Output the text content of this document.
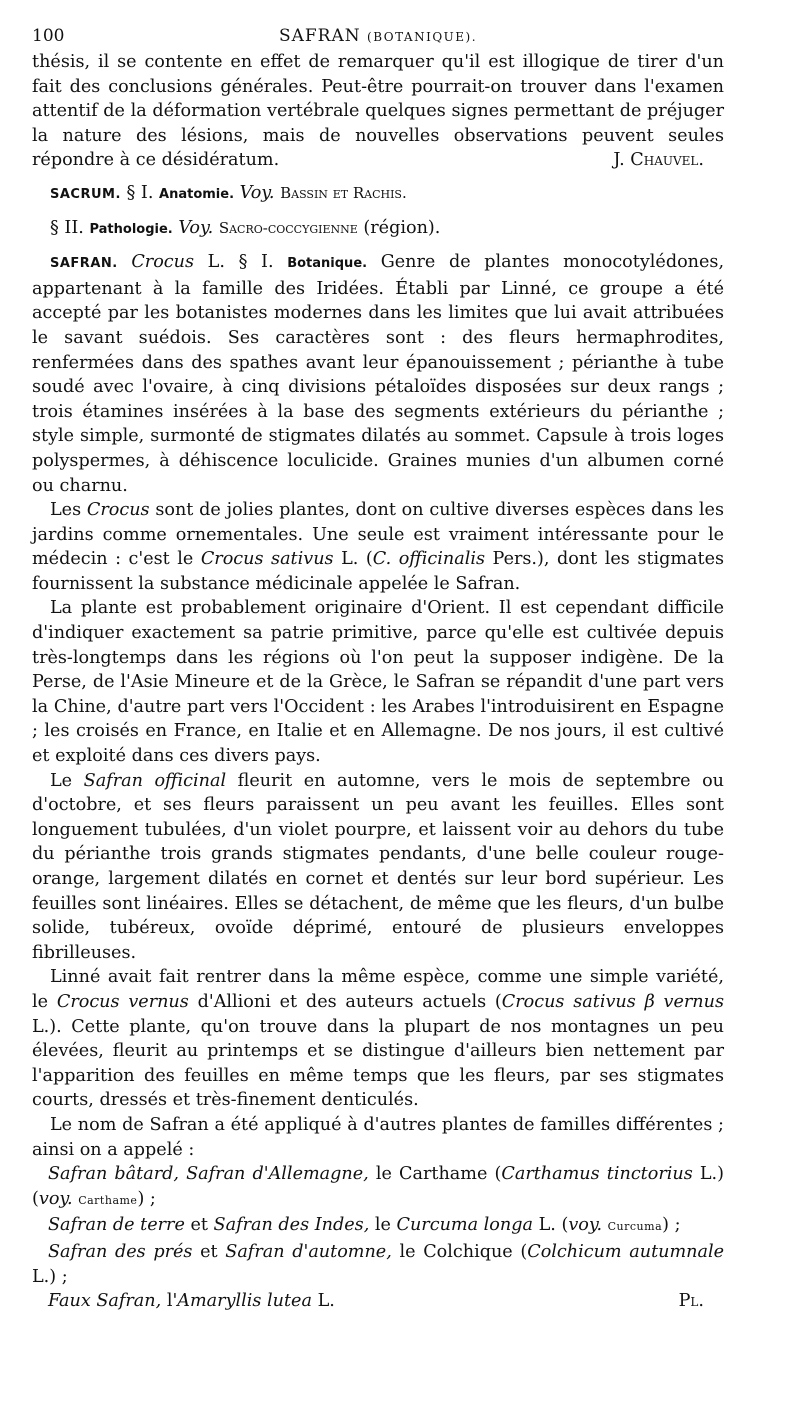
100	SAFRAN (BOTANIQUE).

thésis, il se contente en effet de remarquer qu'il est illogique de tirer d'un fait des conclusions générales. Peut-être pourrait-on trouver dans l'examen attentif de la déformation vertébrale quelques signes permettant de préjuger la nature des lésions, mais de nouvelles observations peuvent seules répondre à ce désidératum.	J. Chauvel.

SACRUM. § I. Anatomie. Voy. Bassin et Rachis.

§ II. Pathologie. Voy. Sacro-coccygienne (région).

SAFRAN. Crocus L. § I. Botanique. Genre de plantes monocotylédones, appartenant à la famille des Iridées. Établi par Linné, ce groupe a été accepté par les botanistes modernes dans les limites que lui avait attribuées le savant suédois. Ses caractères sont : des fleurs hermaphrodites, renfermées dans des spathes avant leur épanouissement ; périanthe à tube soudé avec l'ovaire, à cinq divisions pétaloïdes disposées sur deux rangs ; trois étamines insérées à la base des segments extérieurs du périanthe ; style simple, surmonté de stigmates dilatés au sommet. Capsule à trois loges polyspermes, à déhiscence loculicide. Graines munies d'un albumen corné ou charnu.

Les Crocus sont de jolies plantes, dont on cultive diverses espèces dans les jardins comme ornementales. Une seule est vraiment intéressante pour le médecin : c'est le Crocus sativus L. (C. officinalis Pers.), dont les stigmates fournissent la substance médicinale appelée le Safran.

La plante est probablement originaire d'Orient. Il est cependant difficile d'indiquer exactement sa patrie primitive, parce qu'elle est cultivée depuis très-longtemps dans les régions où l'on peut la supposer indigène. De la Perse, de l'Asie Mineure et de la Grèce, le Safran se répandit d'une part vers la Chine, d'autre part vers l'Occident : les Arabes l'introduisirent en Espagne ; les croisés en France, en Italie et en Allemagne. De nos jours, il est cultivé et exploité dans ces divers pays.

Le Safran officinal fleurit en automne, vers le mois de septembre ou d'octobre, et ses fleurs paraissent un peu avant les feuilles. Elles sont longuement tubulées, d'un violet pourpre, et laissent voir au dehors du tube du périanthe trois grands stigmates pendants, d'une belle couleur rouge-orange, largement dilatés en cornet et dentés sur leur bord supérieur. Les feuilles sont linéaires. Elles se détachent, de même que les fleurs, d'un bulbe solide, tubéreux, ovoïde déprimé, entouré de plusieurs enveloppes fibrilleuses.

Linné avait fait rentrer dans la même espèce, comme une simple variété, le Crocus vernus d'Allioni et des auteurs actuels (Crocus sativus β vernus L.). Cette plante, qu'on trouve dans la plupart de nos montagnes un peu élevées, fleurit au printemps et se distingue d'ailleurs bien nettement par l'apparition des feuilles en même temps que les fleurs, par ses stigmates courts, dressés et très-finement denticulés.

Le nom de Safran a été appliqué à d'autres plantes de familles différentes ; ainsi on a appelé :

Safran bâtard, Safran d'Allemagne, le Carthame (Carthamus tinctorius L.) (voy. Carthame) ;

Safran de terre et Safran des Indes, le Curcuma longa L. (voy. Curcuma) ;

Safran des prés et Safran d'automne, le Colchique (Colchicum autumnale L.) ;

Faux Safran, l'Amaryllis lutea L.	Pl.
